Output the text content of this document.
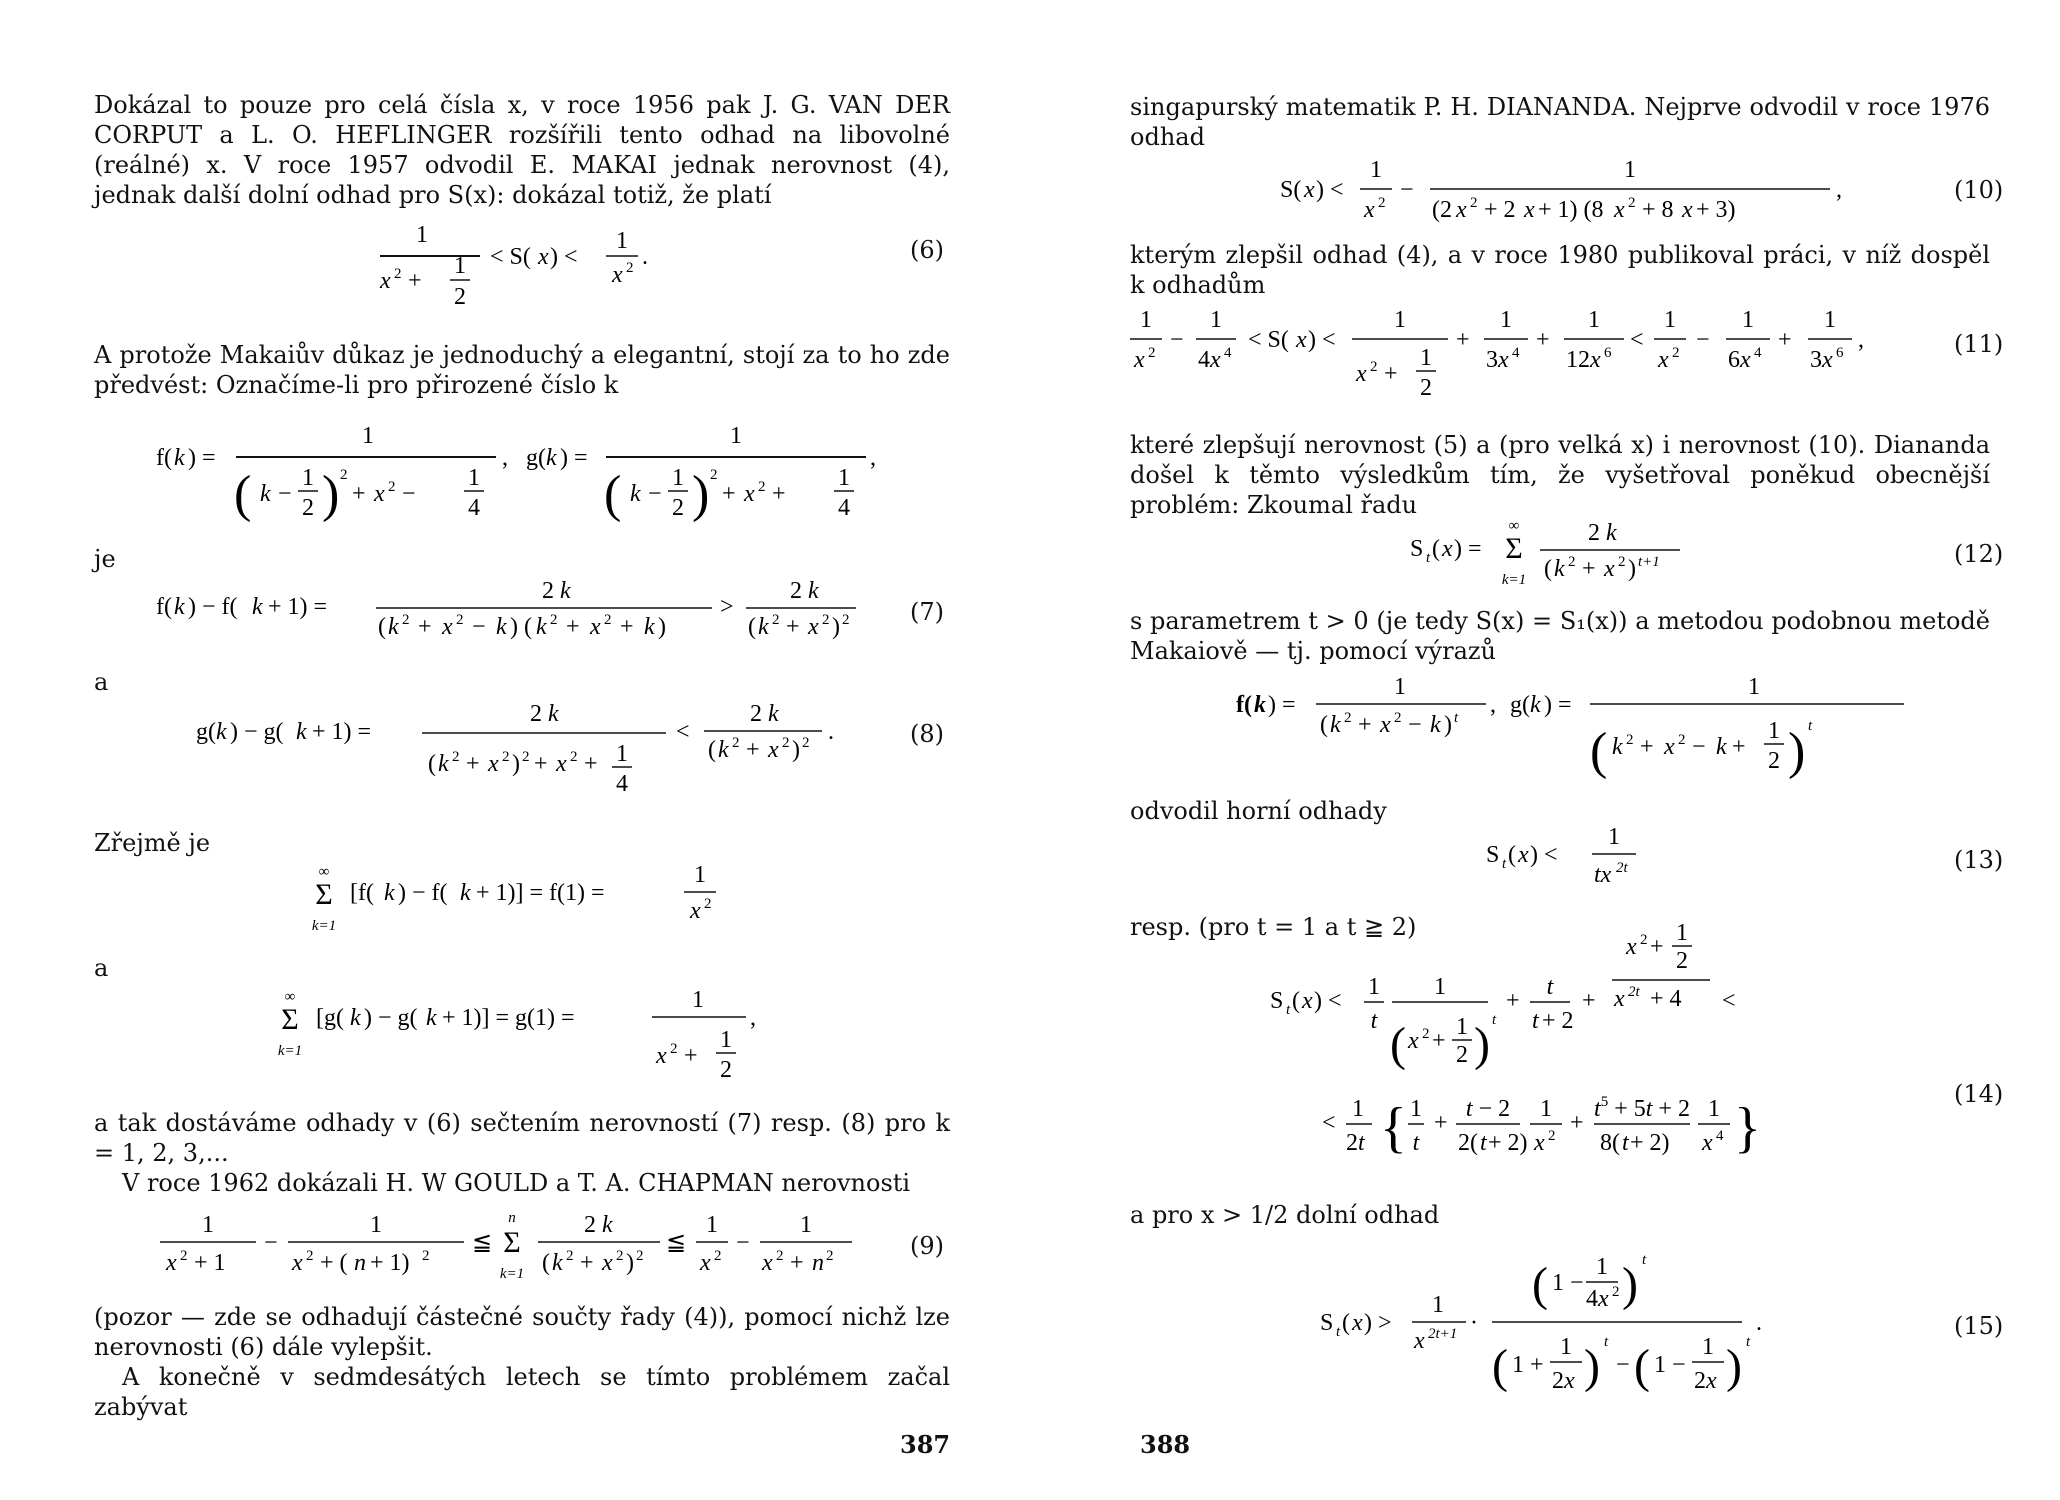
Dokázal to pouze pro celá čísla x, v roce 1956 pak J. G. VAN DER CORPUT a L. O. HEFLINGER rozšířili tento odhad na libovolné (reálné) x. V roce 1957 odvodil E. MAKAI jednak nerovnost (4), jednak další dolní odhad pro S(x): dokázal totiž, že platí

1
x 2 +
1
2
< S( x ) <
1
x 2 .	(6)

A protože Makaiův důkaz je jednoduchý a elegantní, stojí za to ho zde předvést: Označíme-li pro přirozené číslo k

f( k ) =
1
( k −
1
2 ) 2
+ x 2 −
1
4
, g( k ) =
1
( k −
1
2 ) 2
+ x 2 +
1
4
,
je
f( k ) − f( k + 1) =
2 k
( k 2 + x 2 − k ) ( k 2 + x 2 + k )
>
2 k
( k 2 + x 2 ) 2	(7)
a
g( k ) − g( k + 1) =
2 k
( k 2 + x 2 ) 2 + x 2 + 1
4
<
2 k
( k 2 + x 2 ) 2 .	(8)

Zřejmě je

∞
Σ
k=1
[f( k ) − f( k + 1)] = f(1) =
1
x 2
a
∞
Σ
k=1
[g( k ) − g( k + 1)] = g(1) =
1
x 2 +
1
2
,

a tak dostáváme odhady v (6) sečtením nerovností (7) resp. (8) pro k = 1, 2, 3,...

V roce 1962 dokázali H. W GOULD a T. A. CHAPMAN nerovnosti

1
x 2 + 1
−
1
x 2 + ( n + 1) 2 ≦
n
Σ
k=1
2 k
( k 2 + x 2 ) 2 ≦
1
x 2 −
1
x 2 + n 2	(9)

(pozor — zde se odhadují částečné součty řady (4)), pomocí nichž lze nerovnosti (6) dále vylepšit.

A konečně v sedmdesátých letech se tímto problémem začal zabývat

387

singapurský matematik P. H. DIANANDA. Nejprve odvodil v roce 1976 odhad

S( x ) <
1
x 2 −
1
(2 x 2 + 2 x + 1) (8 x 2 + 8 x + 3)
,	(10)

kterým zlepšil odhad (4), a v roce 1980 publikoval práci, v níž dospěl k odhadům

1
x 2 −
1
4 x 4 < S( x ) <
1
x 2 +
1
2
+
1
3 x 4 +
1
12 x 6 <
1
x 2 −
1
6 x 4 +
1
3 x 6 ,	(11)

které zlepšují nerovnost (5) a (pro velká x) i nerovnost (10). Diananda došel k těmto výsledkům tím, že vyšetřoval poněkud obecnější problém: Zkoumal řadu

S t ( x ) =
∞
Σ
k=1
2 k
( k 2 + x 2 ) t+1	(12)

s parametrem t > 0 (je tedy S(x) = S₁(x)) a metodou podobnou metodě Makaiově — tj. pomocí výrazů

f( k ) =
1
( k 2 + x 2 − k ) t , g( k ) =
1
( k 2 + x 2 − k +
1
2 ) t

odvodil horní odhady

S t ( x ) <
1
tx 2t	(13)

resp. (pro t = 1 a t ≧ 2)

S t ( x ) <
1
t
1
( x 2 +
1
2 ) t
+
t
t + 2
+
x 2 +
1
2
x 2t + 4 <
<
1
2 t { 1
t
+
t − 2
2( t + 2)
1
x 2 +
$t^5 + 5t + 2$
8( t + 2)
1
x 4 }
(14)

a pro x > 1/2 dolní odhad

S t ( x ) >
1
x 2t+1 ·
( 1 −
1
4 x 2 ) t
( 1 +
1
2 x ) t
− ( 1 −
1
2 x ) t
.	(15)
388
